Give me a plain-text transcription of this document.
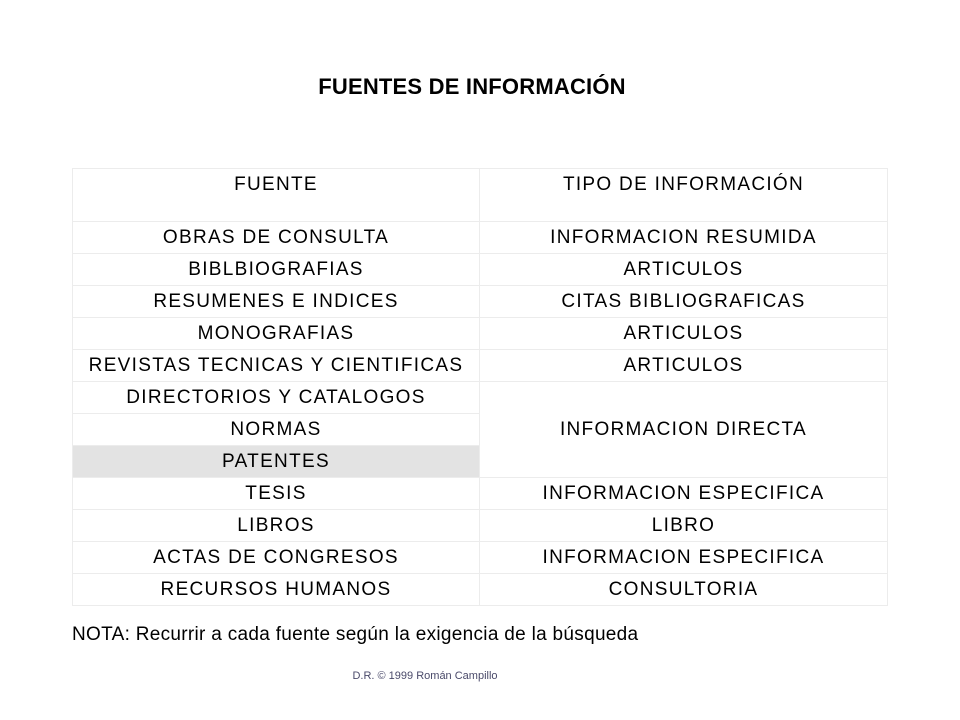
FUENTES DE INFORMACIÓN
FUENTE	TIPO DE INFORMACIÓN
OBRAS DE CONSULTA	INFORMACION RESUMIDA
BIBLBIOGRAFIAS	ARTICULOS
RESUMENES E INDICES	CITAS BIBLIOGRAFICAS
MONOGRAFIAS	ARTICULOS
REVISTAS TECNICAS Y CIENTIFICAS	ARTICULOS
DIRECTORIOS Y CATALOGOS	INFORMACION DIRECTA
NORMAS	
PATENTES	
TESIS	INFORMACION ESPECIFICA
LIBROS	LIBRO
ACTAS DE CONGRESOS	INFORMACION ESPECIFICA
RECURSOS HUMANOS	CONSULTORIA
NOTA: Recurrir a cada fuente según la exigencia de la búsqueda
D.R. © 1999 Román Campillo
